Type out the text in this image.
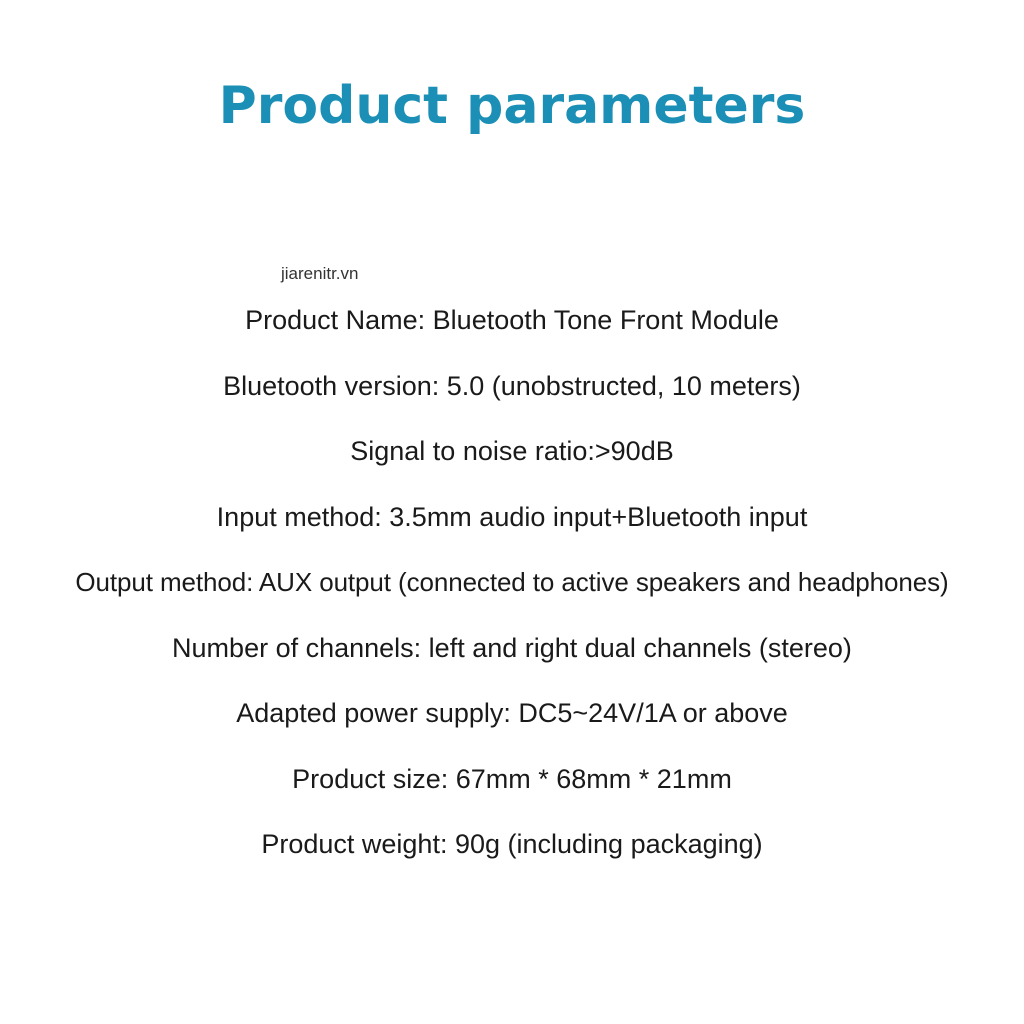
Product parameters
jiarenitr.vn
Product Name: Bluetooth Tone Front Module
Bluetooth version: 5.0 (unobstructed, 10 meters)
Signal to noise ratio:>90dB
Input method: 3.5mm audio input+Bluetooth input
Output method: AUX output (connected to active speakers and headphones)
Number of channels: left and right dual channels (stereo)
Adapted power supply: DC5~24V/1A or above
Product size: 67mm * 68mm * 21mm
Product weight: 90g (including packaging)
